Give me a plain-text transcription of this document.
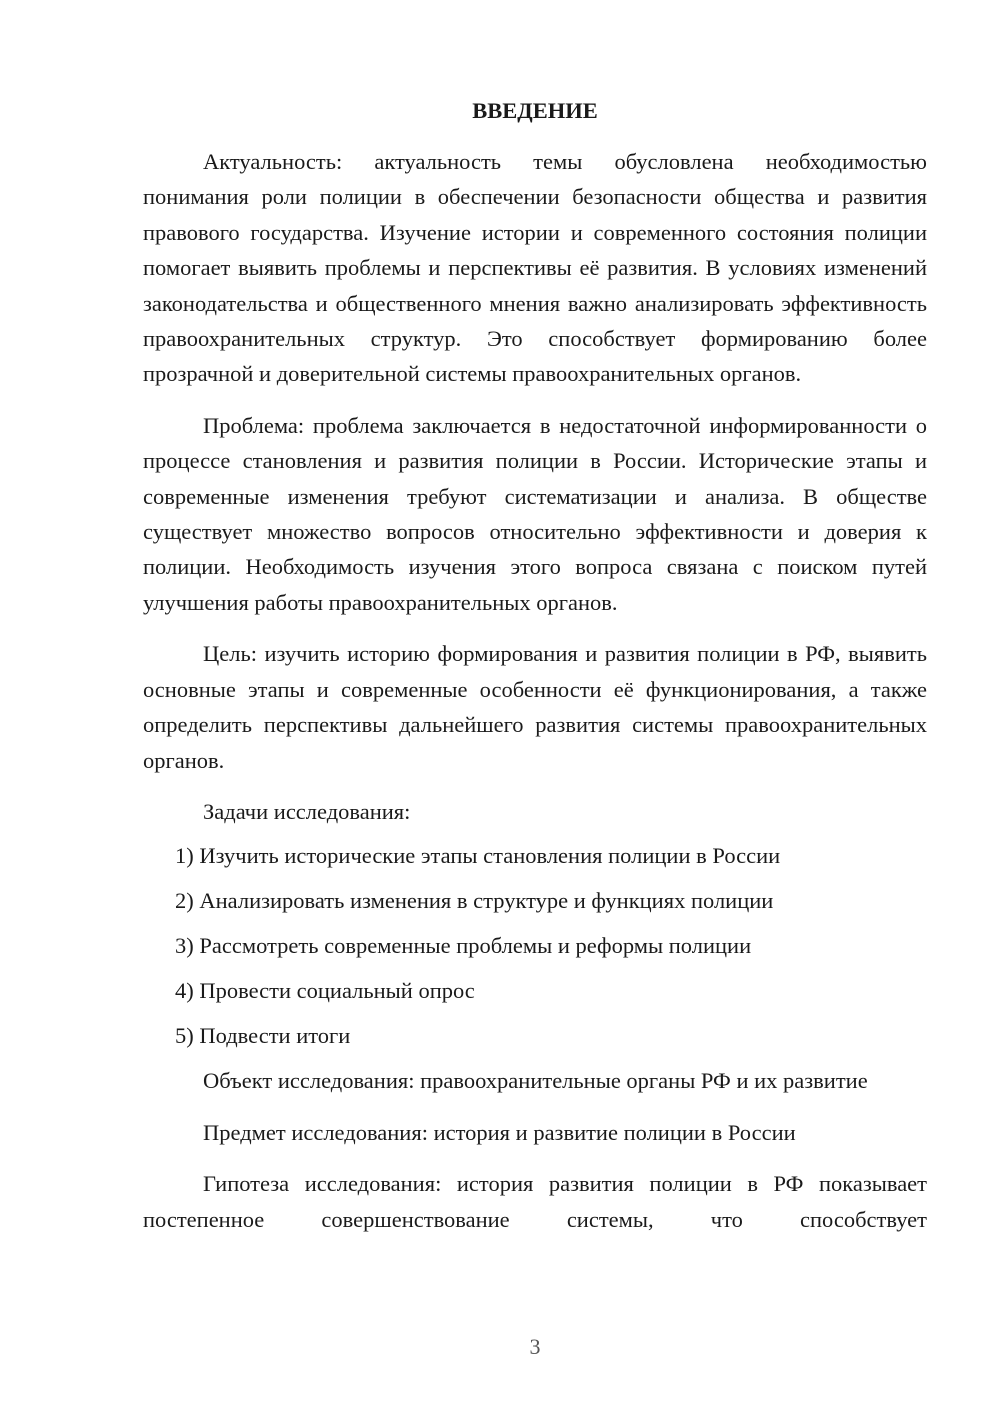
ВВЕДЕНИЕ

Актуальность: актуальность темы обусловлена необходимостью понимания роли полиции в обеспечении безопасности общества и развития правового государства. Изучение истории и современного состояния полиции помогает выявить проблемы и перспективы её развития. В условиях изменений законодательства и общественного мнения важно анализировать эффективность правоохранительных структур. Это способствует формированию более прозрачной и доверительной системы правоохранительных органов.

Проблема: проблема заключается в недостаточной информированности о процессе становления и развития полиции в России. Исторические этапы и современные изменения требуют систематизации и анализа. В обществе существует множество вопросов относительно эффективности и доверия к полиции. Необходимость изучения этого вопроса связана с поиском путей улучшения работы правоохранительных органов.

Цель: изучить историю формирования и развития полиции в РФ, выявить основные этапы и современные особенности её функционирования, а также определить перспективы дальнейшего развития системы правоохранительных органов.

Задачи исследования:

1) Изучить исторические этапы становления полиции в России
2) Анализировать изменения в структуре и функциях полиции
3) Рассмотреть современные проблемы и реформы полиции
4) Провести социальный опрос
5) Подвести итоги

Объект исследования: правоохранительные органы РФ и их развитие

Предмет исследования: история и развитие полиции в России

Гипотеза исследования: история развития полиции в РФ показывает постепенное совершенствование системы, что способствует

3
